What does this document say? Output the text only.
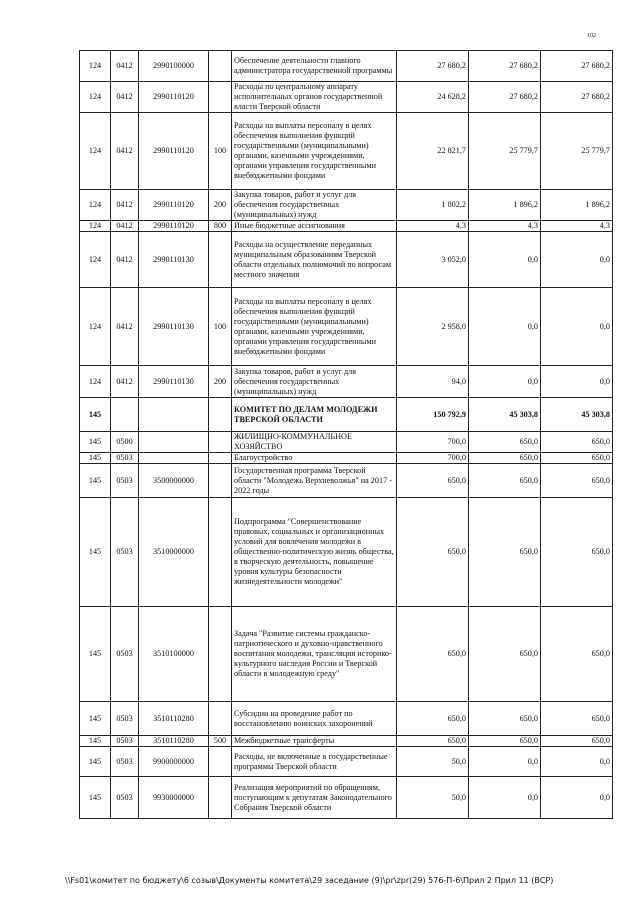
102
124	0412	2990100000		Обеспечение деятельности главного администратора государственной программы	27 680,2	27 680,2	27 680,2
124	0412	2990110120		Расходы по центральному аппарату исполнительных органов государственной власти Тверской области	24 628,2	27 680,2	27 680,2
124	0412	2990110120	100	Расходы на выплаты персоналу в целях обеспечения выполнения функций государственными (муниципальными) органами, казенными учреждениями, органами управления государственными внебюджетными фондами	22 821,7	25 779,7	25 779,7
124	0412	2990110120	200	Закупка товаров, работ и услуг для обеспечения государственных (муниципальных) нужд	1 802,2	1 896,2	1 896,2
124	0412	2990110120	800	Иные бюджетные ассигнования	4,3	4,3	4,3
124	0412	2990110130		Расходы на осуществление переданных муниципальным образованиям Тверской области отдельных полномочий по вопросам местного значения	3 052,0	0,0	0,0
124	0412	2990110130	100	Расходы на выплаты персоналу в целях обеспечения выполнения функций государственными (муниципальными) органами, казенными учреждениями, органами управления государственными внебюджетными фондами	2 958,0	0,0	0,0
124	0412	2990110130	200	Закупка товаров, работ и услуг для обеспечения государственных (муниципальных) нужд	94,0	0,0	0,0
145				КОМИТЕТ ПО ДЕЛАМ МОЛОДЕЖИ ТВЕРСКОЙ ОБЛАСТИ	150 792,9	45 303,8	45 303,8
145	0500			ЖИЛИЩНО-КОММУНАЛЬНОЕ ХОЗЯЙСТВО	700,0	650,0	650,0
145	0503			Благоустройство	700,0	650,0	650,0
145	0503	3500000000		Государственная программа Тверской области "Молодежь Верхневолжья" на 2017 - 2022 годы	650,0	650,0	650,0
145	0503	3510000000		Подпрограмма "Совершенствование правовых, социальных и организационных условий для вовлечения молодежи в общественно-политическую жизнь общества, в творческую деятельность, повышение уровня культуры безопасности жизнедеятельности молодежи"	650,0	650,0	650,0
145	0503	3510100000		Задача "Развитие системы гражданско-патриотического и духовно-нравственного воспитания молодежи, трансляция историко-культурного наследия России и Тверской области в молодежную среду"	650,0	650,0	650,0
145	0503	3510110280		Субсидии на проведение работ по восстановлению воинских захоронений	650,0	650,0	650,0
145	0503	3510110280	500	Межбюджетные трансферты	650,0	650,0	650,0
145	0503	9900000000		Расходы, не включенные в государственные программы Тверской области	50,0	0,0	0,0
145	0503	9930000000		Реализация мероприятий по обращениям, поступающим к депутатам Законодательного Собрания Тверской области	50,0	0,0	0,0
\\Fs01\комитет по бюджету\6 созыв\Документы комитета\29 заседание (9)\pr\zpr(29) 576-П-6\Прил 2 Прил 11 (ВСР)
